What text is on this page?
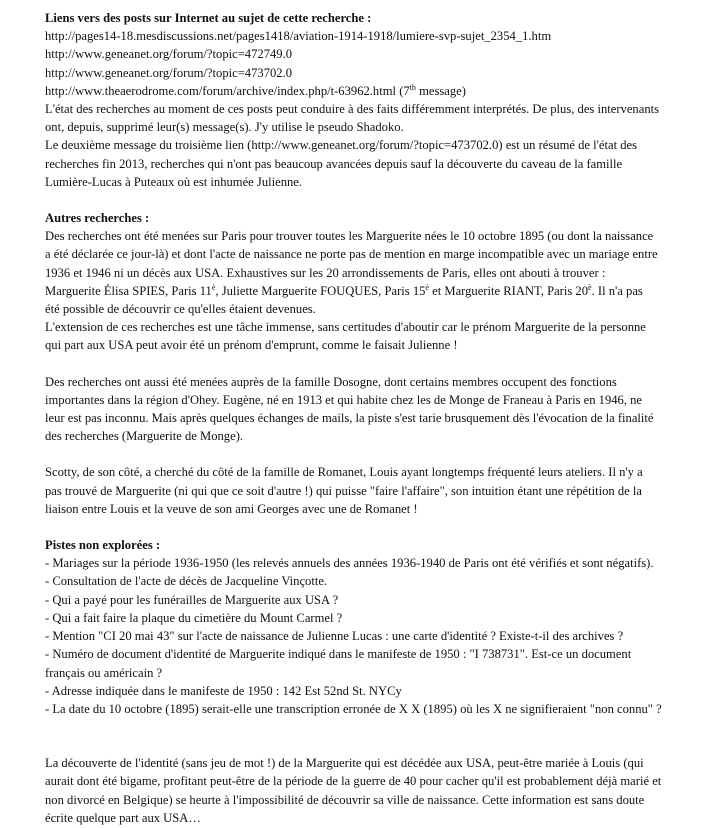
Liens vers des posts sur Internet au sujet de cette recherche :
http://pages14-18.mesdiscussions.net/pages1418/aviation-1914-1918/lumiere-svp-sujet_2354_1.htm
http://www.geneanet.org/forum/?topic=472749.0
http://www.geneanet.org/forum/?topic=473702.0
http://www.theaerodrome.com/forum/archive/index.php/t-63962.html (7th message)
L'état des recherches au moment de ces posts peut conduire à des faits différemment interprétés. De plus, des intervenants
ont, depuis, supprimé leur(s) message(s). J'y utilise le pseudo Shadoko.
Le deuxième message du troisième lien (http://www.geneanet.org/forum/?topic=473702.0) est un résumé de l'état des
recherches fin 2013, recherches qui n'ont pas beaucoup avancées depuis sauf la découverte du caveau de la famille
Lumière-Lucas à Puteaux où est inhumée Julienne.
Autres recherches :
Des recherches ont été menées sur Paris pour trouver toutes les Marguerite nées le 10 octobre 1895 (ou dont la naissance
a été déclarée ce jour-là) et dont l'acte de naissance ne porte pas de mention en marge incompatible avec un mariage entre
1936 et 1946 ni un décès aux USA. Exhaustives sur les 20 arrondissements de Paris, elles ont abouti à trouver :
Marguerite Élisa SPIES, Paris $11^è$, Juliette Marguerite FOUQUES, Paris $15^è$ et Marguerite RIANT, Paris $20^è$. Il n'a pas
été possible de découvrir ce qu'elles étaient devenues.
L'extension de ces recherches est une tâche immense, sans certitudes d'aboutir car le prénom Marguerite de la personne
qui part aux USA peut avoir été un prénom d'emprunt, comme le faisait Julienne !
Des recherches ont aussi été menées auprès de la famille Dosogne, dont certains membres occupent des fonctions
importantes dans la région d'Ohey. Eugène, né en 1913 et qui habite chez les de Monge de Franeau à Paris en 1946, ne
leur est pas inconnu. Mais après quelques échanges de mails, la piste s'est tarie brusquement dès l'évocation de la finalité
des recherches (Marguerite de Monge).
Scotty, de son côté, a cherché du côté de la famille de Romanet, Louis ayant longtemps fréquenté leurs ateliers. Il n'y a
pas trouvé de Marguerite (ni qui que ce soit d'autre !) qui puisse "faire l'affaire", son intuition étant une répétition de la
liaison entre Louis et la veuve de son ami Georges avec une de Romanet !
Pistes non explorées :
- Mariages sur la période 1936-1950 (les relevés annuels des années 1936-1940 de Paris ont été vérifiés et sont négatifs).
- Consultation de l'acte de décès de Jacqueline Vinçotte.
- Qui a payé pour les funérailles de Marguerite aux USA ?
- Qui a fait faire la plaque du cimetière du Mount Carmel ?
- Mention "CI 20 mai 43" sur l'acte de naissance de Julienne Lucas : une carte d'identité ? Existe-t-il des archives ?
- Numéro de document d'identité de Marguerite indiqué dans le manifeste de 1950 : "I 738731". Est-ce un document
français ou américain ?
- Adresse indiquée dans le manifeste de 1950 : 142 Est 52nd St. NYCy
- La date du 10 octobre (1895) serait-elle une transcription erronée de X X (1895) où les X ne signifieraient "non connu" ?
La découverte de l'identité (sans jeu de mot !) de la Marguerite qui est décédée aux USA, peut-être mariée à Louis (qui
aurait dont été bigame, profitant peut-être de la période de la guerre de 40 pour cacher qu'il est probablement déjà marié et
non divorcé en Belgique) se heurte à l'impossibilité de découvrir sa ville de naissance. Cette information est sans doute
écrite quelque part aux USA…
